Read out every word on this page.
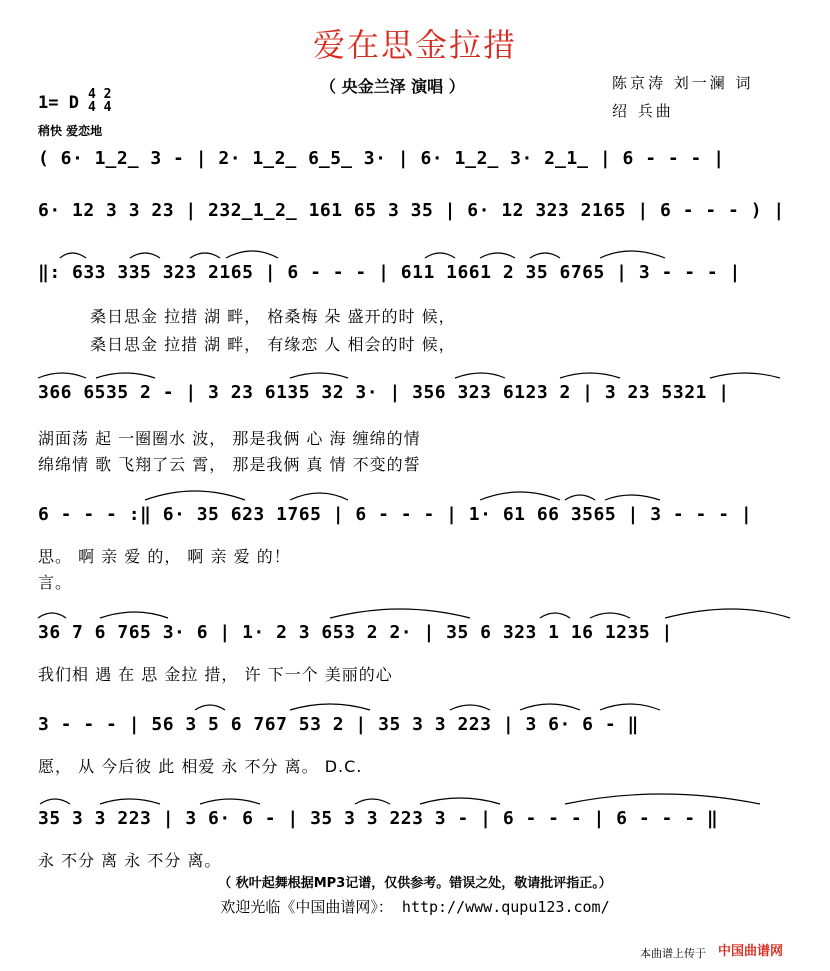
爱在思金拉措
（ 央金兰泽 演唱 ）	陈京涛 刘一澜 词
绍 兵曲
1= D 4 2
4 4
稍快 爱恋地
( 6· 1̲2̲ 3 - | 2· 1̲2̲ 6̲5̲ 3· | 6· 1̲2̲ 3· 2̲1̲ | 6 - - - |
6· 12 3 3 23 | 232̲1̲2̲ 161 65 3 35 | 6· 12 323 2165 | 6 - - - ) |
‖: 633 335 323 2165 | 6 - - - | 611 1661 2 35 6765 | 3 - - - |
桑日思金 拉措 湖 畔， 格桑梅 朵 盛开的时 候，
桑日思金 拉措 湖 畔， 有缘恋 人 相会的时 候，
366 6535 2 - | 3 23 6135 32 3· | 356 323 6123 2 | 3 23 5321 |
湖面荡 起 一圈圈水 波， 那是我俩 心 海 缠绵的情
绵绵情 歌 飞翔了云 霄， 那是我俩 真 情 不变的誓
6 - - - :‖ 6· 35 623 1765 | 6 - - - | 1· 61 66 3565 | 3 - - - |
思。 啊 亲 爱 的， 啊 亲 爱 的！
言。
36 7 6 765 3· 6 | 1· 2 3 653 2 2· | 35 6 323 1 16 1235 |
我们相 遇 在 思 金拉 措， 许 下一个 美丽的心
3 - - - | 56 3 5 6 767 53 2 | 35 3 3 223 | 3 6· 6 - ‖
愿， 从 今后彼 此 相爱 永 不分 离。 D.C.
35 3 3 223 | 3 6· 6 - | 35 3 3 223 3 - | 6 - - - | 6 - - - ‖
永 不分 离 永 不分 离。
（ 秋叶起舞根据MP3记谱，仅供参考。错误之处，敬请批评指正。）
欢迎光临《中国曲谱网》： http://www.qupu123.com/
本曲谱上传于 中国曲谱网
